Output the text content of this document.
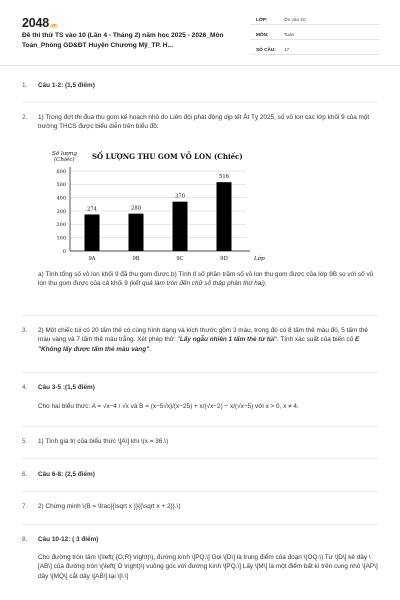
2048.vn
Đề thi thử TS vào 10 (Lần 4 - Tháng 2) năm học 2025 - 2026_Môn Toán_Phòng GD&ĐT Huyện Chương Mỹ_TP. H...
LỚP:	Ôn vào 10
MÔN:	Toán
SỐ CÂU: 17
1. Câu 1-2: (1,5 điểm)
2. 1) Trong đợt thi đua thu gom kế hoạch nhỏ do Liên đội phát động dịp tết Ất Tỵ 2025, số vỏ lon các lớp khối 9 của một trường THCS được biểu diễn trên biểu đồ:
Số lượng
(Chiếc) SỐ LƯỢNG THU GOM VỎ LON (Chiếc)
0
100
200
300
400
500
600
274
9A
280
9B
370
9C
516
9D	Lớp
a) Tính tổng số vỏ lon khối 9 đã thu gom được.b) Tính tỉ số phần trăm số vỏ lon thu gom được của lớp 9B so với số vỏ lon thu gom được của cả khối 9 (kết quả làm tròn đến chữ số thập phân thứ hai).
3. 2) Một chiếc túi có 20 tấm thẻ có cùng hình dạng và kích thước gồm 3 màu, trong đó có 8 tấm thẻ màu đỏ, 5 tấm thẻ màu vàng và 7 tấm thẻ màu trắng. Xét phép thử: "Lấy ngẫu nhiên 1 tấm thẻ từ túi". Tính xác suất của biến cố E "Không lấy được tấm thẻ màu vàng".
4. Câu 3-5 :(1,5 điểm)
Cho hai biểu thức: A = √x−4 / √x và B = (x−5√x)/(x−25) + x/(√x−2) − x/(√x−5) với x > 0, x ≠ 4.
5. 1) Tính giá trị của biểu thức \[A\] khi \(x = 36.\)
6. Câu 6-8: (2,5 điểm)
7. 2) Chứng minh \(B = \frac{{\sqrt x }}{{\sqrt x + 2}}.\)
8. Câu 10-12: ( 3 điểm)
Cho đường tròn tâm \(\left( {O;R} \right)\), đường kính \[PQ.\] Gọi \[D\] là trung điểm của đoạn \(OQ.\) Từ \[D\] kẻ dây \[AB\] của đường tròn \(\left( O \right)\) vuông góc với đường kính \[PQ.\] Lấy \[M\] là một điểm bất kì trên cung nhỏ \[AP\] dây \[MQ\] cắt dây \[AB\] tại \[I.\]
